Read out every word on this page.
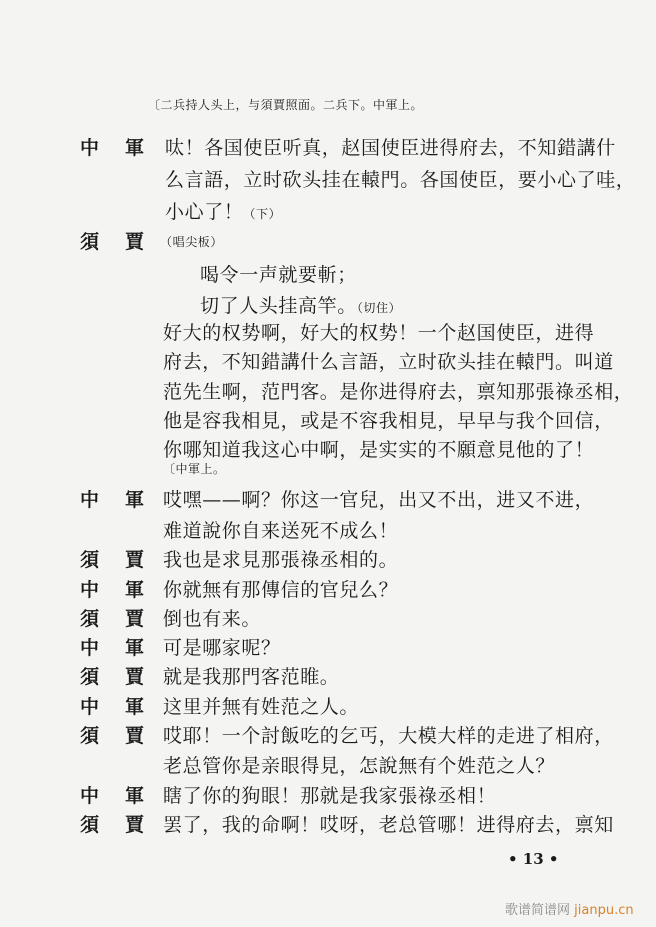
〔二兵持人头上，与須賈照面。二兵下。中軍上。
中軍
呔！各国使臣听真，赵国使臣进得府去，不知錯講什
么言語，立时砍头挂在轅門。各国使臣，要小心了哇，
小心了！（下）
須賈
（唱尖板）
喝令一声就要斬；
切了人头挂高竿。（切住）
好大的权势啊，好大的权势！一个赵国使臣，进得
府去，不知錯講什么言語，立时砍头挂在轅門。叫道
范先生啊，范門客。是你进得府去，禀知那張祿丞相，
他是容我相見，或是不容我相見，早早与我个回信，
你哪知道我这心中啊，是实实的不願意見他的了！
〔中軍上。
中軍
哎嘿——啊？你这一官兒，出又不出，进又不进，
难道說你自来送死不成么！
須賈
我也是求見那張祿丞相的。
中軍
你就無有那傳信的官兒么？
須賈
倒也有来。
中軍
可是哪家呢？
須賈
就是我那門客范睢。
中軍
这里并無有姓范之人。
須賈
哎耶！一个討飯吃的乞丐，大模大样的走进了相府，
老总管你是亲眼得見，怎說無有个姓范之人？
中軍
瞎了你的狗眼！那就是我家張祿丞相！
須賈
罢了，我的命啊！哎呀，老总管哪！进得府去，禀知
• 13 •
歌谱简谱网 jianpu.cn
